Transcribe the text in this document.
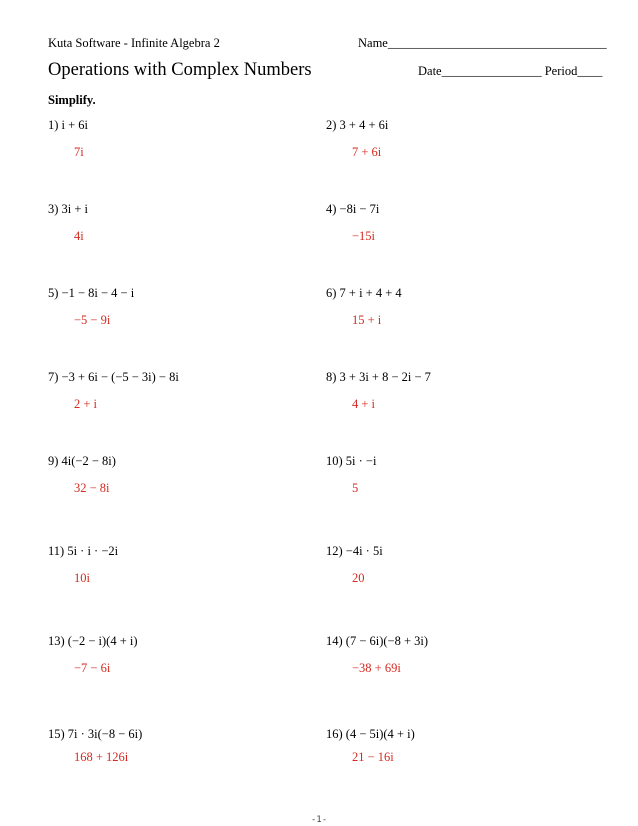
Kuta Software - Infinite Algebra 2	Name___________________________________
Operations with Complex Numbers	Date________________ Period____
Simplify.
1) i + 6i
7i
2) 3 + 4 + 6i
7 + 6i
3) 3i + i
4i
4) −8i − 7i
−15i
5) −1 − 8i − 4 − i
−5 − 9i
6) 7 + i + 4 + 4
15 + i
7) −3 + 6i − (−5 − 3i) − 8i
2 + i
8) 3 + 3i + 8 − 2i − 7
4 + i
9) 4i(−2 − 8i)
32 − 8i
10) 5i · −i
5
11) 5i · i · −2i
10i
12) −4i · 5i
20
13) (−2 − i)(4 + i)
−7 − 6i
14) (7 − 6i)(−8 + 3i)
−38 + 69i
15) 7i · 3i(−8 − 6i)
168 + 126i
16) (4 − 5i)(4 + i)
21 − 16i
-1-
